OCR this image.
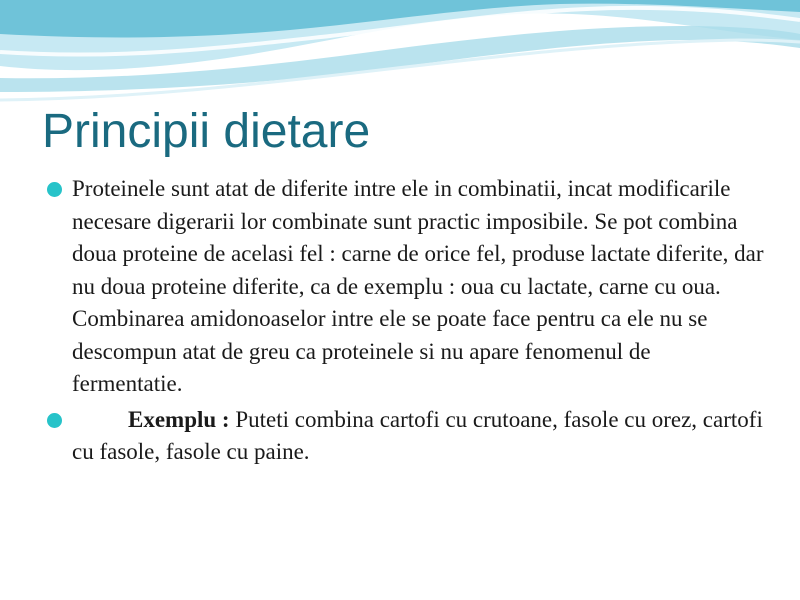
Principii dietare
Proteinele sunt atat de diferite intre ele in combinatii, incat modificarile necesare digerarii lor combinate sunt practic imposibile. Se pot combina doua proteine de acelasi fel : carne de orice fel, produse lactate diferite, dar nu doua proteine diferite, ca de exemplu : oua cu lactate, carne cu oua. Combinarea amidonoaselor intre ele se poate face pentru ca ele nu se descompun atat de greu ca proteinele si nu apare fenomenul de fermentatie.
Exemplu : Puteti combina cartofi cu crutoane, fasole cu orez, cartofi cu fasole, fasole cu paine.
